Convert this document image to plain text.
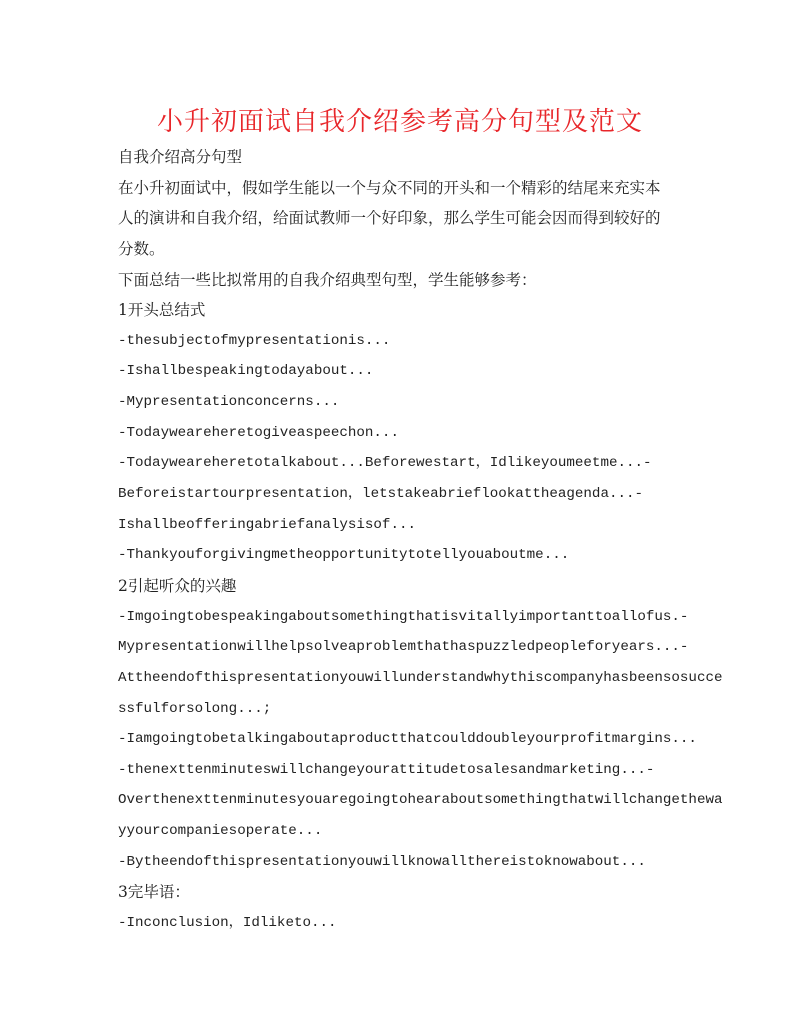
小升初面试自我介绍参考高分句型及范文
自我介绍高分句型
在小升初面试中，假如学生能以一个与众不同的开头和一个精彩的结尾来充实本
人的演讲和自我介绍，给面试教师一个好印象，那么学生可能会因而得到较好的
分数。
下面总结一些比拟常用的自我介绍典型句型，学生能够参考：
1开头总结式
-thesubjectofmypresentationis...
-Ishallbespeakingtodayabout...
-Mypresentationconcerns...
-Todayweareheretogiveaspeechon...
-Todayweareheretotalkabout...Beforewestart，Idlikeyoumeetme...-
Beforeistartourpresentation，letstakeabrieflookattheagenda...-
Ishallbeofferingabriefanalysisof...
-Thankyouforgivingmetheopportunitytotellyouaboutme...
2引起听众的兴趣
-Imgoingtobespeakingaboutsomethingthatisvitallyimportanttoallofus.-
Mypresentationwillhelpsolveaproblemthathaspuzzledpeopleforyears...-
Attheendofthispresentationyouwillunderstandwhythiscompanyhasbeensosucce
ssfulforsolong...;
-Iamgoingtobetalkingaboutaproductthatcoulddoubleyourprofitmargins...
-thenexttenminuteswillchangeyourattitudetosalesandmarketing...-
Overthenexttenminutesyouaregoingtohearaboutsomethingthatwillchangethewa
yyourcompaniesoperate...
-Bytheendofthispresentationyouwillknowallthereistoknowabout...
3完毕语：
-Inconclusion，Idliketo...
